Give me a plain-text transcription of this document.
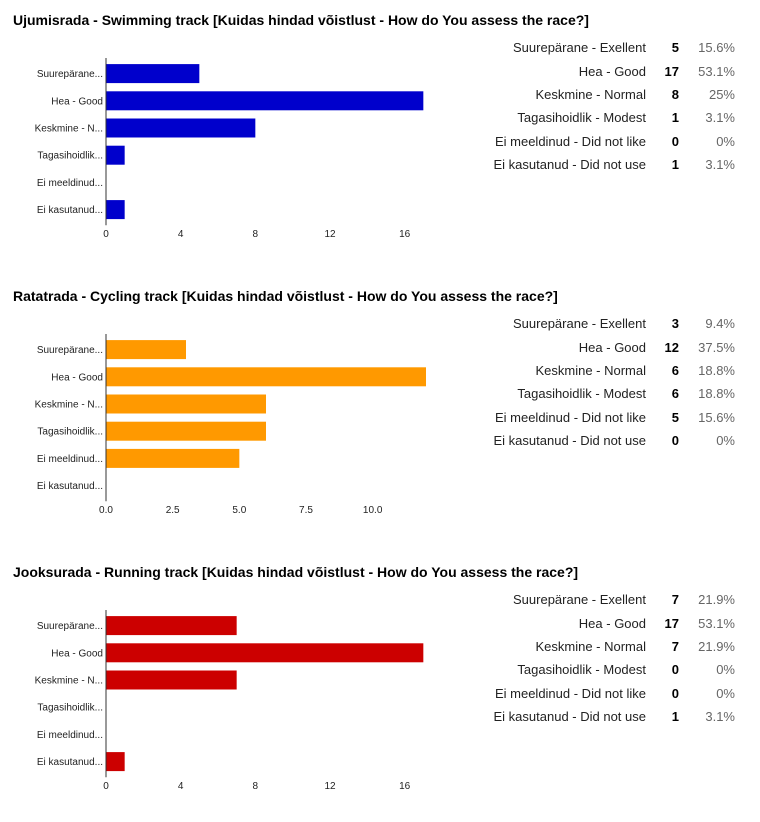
Ujumisrada - Swimming track [Kuidas hindad võistlust - How do You assess the race?]
Suurepärane...
Hea - Good
Keskmine - N...
Tagasihoidlik...
Ei meeldinud...
Ei kasutanud...
0	4	8	12	16
Suurepärane - Exellent	5	15.6%
Hea - Good	17	53.1%
Keskmine - Normal	8	25%
Tagasihoidlik - Modest	1	3.1%
Ei meeldinud - Did not like	0	0%
Ei kasutanud - Did not use	1	3.1%
Ratatrada - Cycling track [Kuidas hindad võistlust - How do You assess the race?]
Suurepärane...
Hea - Good
Keskmine - N...
Tagasihoidlik...
Ei meeldinud...
Ei kasutanud...
0.0	2.5	5.0	7.5	10.0
Suurepärane - Exellent	3	9.4%
Hea - Good	12	37.5%
Keskmine - Normal	6	18.8%
Tagasihoidlik - Modest	6	18.8%
Ei meeldinud - Did not like	5	15.6%
Ei kasutanud - Did not use	0	0%
Jooksurada - Running track [Kuidas hindad võistlust - How do You assess the race?]
Suurepärane...
Hea - Good
Keskmine - N...
Tagasihoidlik...
Ei meeldinud...
Ei kasutanud...
0	4	8	12	16
Suurepärane - Exellent	7	21.9%
Hea - Good	17	53.1%
Keskmine - Normal	7	21.9%
Tagasihoidlik - Modest	0	0%
Ei meeldinud - Did not like	0	0%
Ei kasutanud - Did not use	1	3.1%
